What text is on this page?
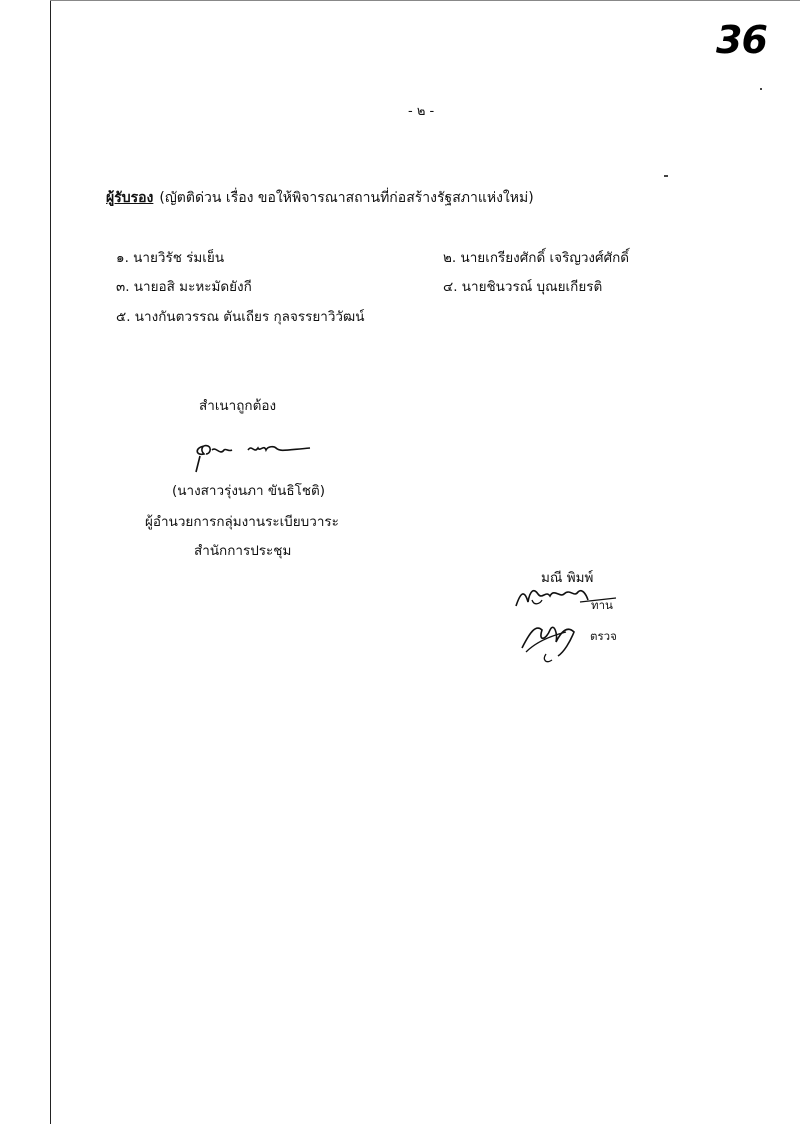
36
- ๒ -
ผู้รับรอง (ญัตติด่วน เรื่อง ขอให้พิจารณาสถานที่ก่อสร้างรัฐสภาแห่งใหม่)
๑. นายวิรัช ร่มเย็น	๒. นายเกรียงศักดิ์ เจริญวงศ์ศักดิ์
๓. นายอสิ มะหะมัดยังกี	๔. นายชินวรณ์ บุณยเกียรติ
๕. นางกันตวรรณ ตันเถียร กุลจรรยาวิวัฒน์
สำเนาถูกต้อง
(นางสาวรุ่งนภา ขันธิโชติ)
ผู้อำนวยการกลุ่มงานระเบียบวาระ
สำนักการประชุม
มณี พิมพ์
ทาน
ตรวจ
